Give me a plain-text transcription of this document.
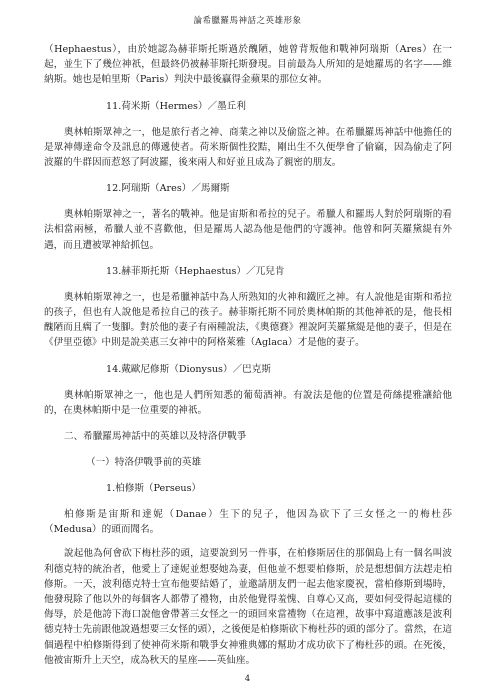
論希臘羅馬神話之英雄形象

（Hephaestus），由於她認為赫菲斯托斯過於醜陋，她曾背叛他和戰神阿瑞斯（Ares）在一起，並生下了幾位神祇，但最終仍被赫菲斯托斯發現。目前最為人所知的是她羅馬的名字——維納斯。她也是帕里斯（Paris）判決中最後贏得金蘋果的那位女神。

11.荷米斯（Hermes）／墨丘利

奧林帕斯眾神之一，他是旅行者之神、商業之神以及偷盜之神。在希臘羅馬神話中他擔任的是眾神傳達命令及訊息的傳遞使者。荷米斯個性狡黠，剛出生不久便學會了偷竊，因為偷走了阿波羅的牛群因而惹怒了阿波羅，後來兩人和好並且成為了親密的朋友。

12.阿瑞斯（Ares）／馬爾斯

奧林帕斯眾神之一，著名的戰神。他是宙斯和希拉的兒子。希臘人和羅馬人對於阿瑞斯的看法相當兩極，希臘人並不喜歡他，但是羅馬人認為他是他們的守護神。他曾和阿芙羅黛緹有外遇，而且遭被眾神給抓包。

13.赫菲斯托斯（Hephaestus）／兀兒肯

奧林帕斯眾神之一，也是希臘神話中為人所熟知的火神和鐵匠之神。有人說他是宙斯和希拉的孩子，但也有人說他是希拉自己的孩子。赫菲斯托斯不同於奧林帕斯的其他神祇的是，他長相醜陋而且瘸了一隻腳。對於他的妻子有兩種說法，《奧德賽》裡說阿芙羅黛緹是他的妻子，但是在《伊里亞德》中則是說美惠三女神中的阿格萊雅（Aglaca）才是他的妻子。

14.戴歐尼修斯（Dionysus）／巴克斯

奧林帕斯眾神之一，他也是人們所知悉的葡萄酒神。有說法是他的位置是荷絲提雅讓給他的，在奧林帕斯中是一位重要的神祇。

二、希臘羅馬神話中的英雄以及特洛伊戰爭
（一）特洛伊戰爭前的英雄
1.柏修斯（Perseus）

柏修斯是宙斯和達妮（Danae）生下的兒子，他因為砍下了三女怪之一的梅杜莎（Medusa）的頭而聞名。

說起他為何會砍下梅杜莎的頭，這要說到另一件事，在柏修斯居住的那個島上有一個名叫波利德克特的統治者，他愛上了達妮並想娶她為妻，但他並不想要柏修斯，於是想想個方法趕走柏修斯。一天，波利德克特士宣布他要結婚了，並邀請朋友們一起去他家慶祝，當柏修斯到場時，他發現除了他以外的每個客人都帶了禮物，由於他覺得羞愧、自尊心又高，要如何受得起這樣的侮辱，於是他誇下海口說他會帶著三女怪之一的頭回來當禮物（在這裡，故事中寫道應該是波利德克特士先前跟他說過想要三女怪的頭），之後便是柏修斯砍下梅杜莎的頭的部分了。當然，在這個過程中柏修斯得到了使神荷米斯和戰爭女神雅典娜的幫助才成功砍下了梅杜莎的頭。在死後，他被宙斯升上天空，成為秋天的星座——英仙座。

4
